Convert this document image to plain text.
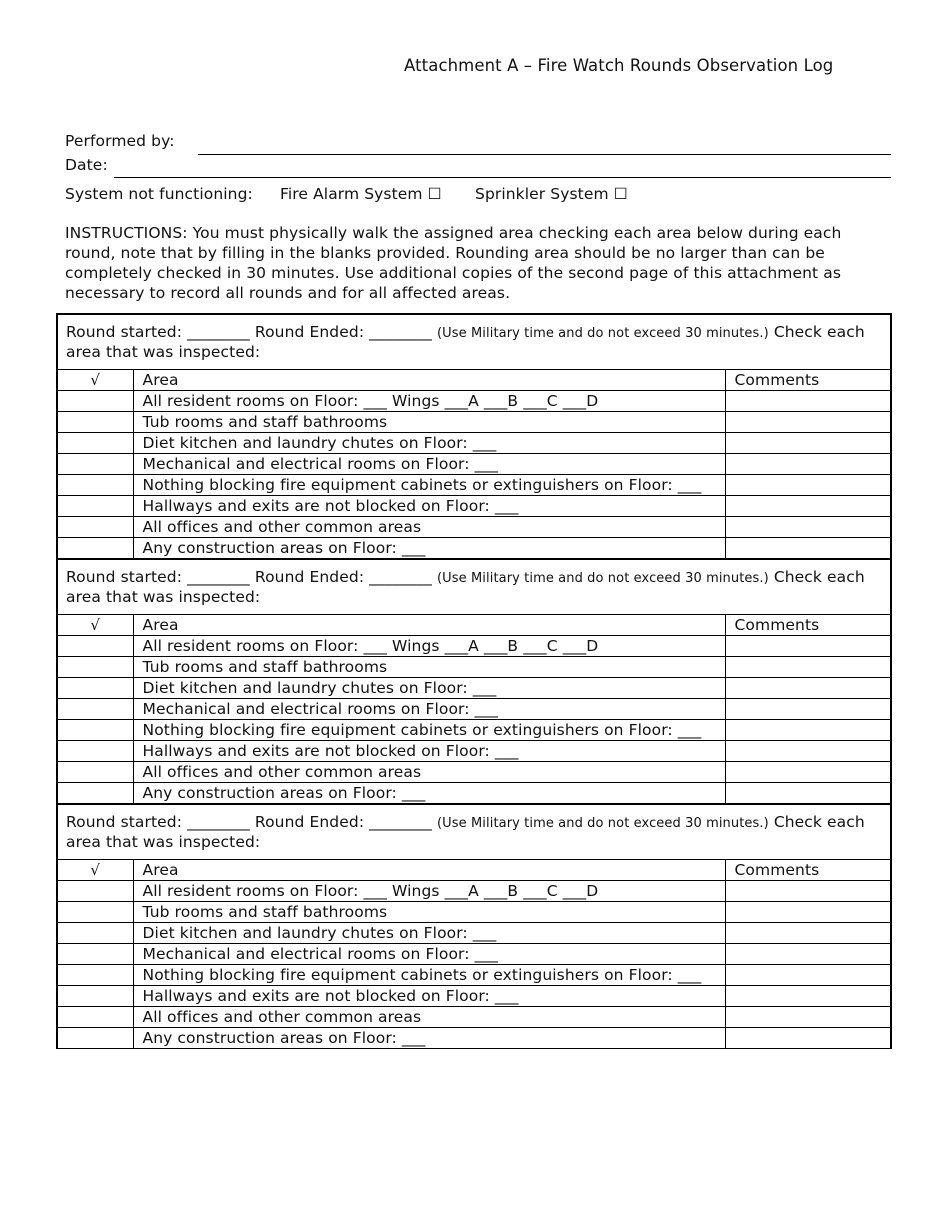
Attachment A – Fire Watch Rounds Observation Log
Performed by:
Date:
System not functioning: Fire Alarm System ☐ Sprinkler System ☐
INSTRUCTIONS: You must physically walk the assigned area checking each area below during each round, note that by filling in the blanks provided. Rounding area should be no larger than can be completely checked in 30 minutes. Use additional copies of the second page of this attachment as necessary to record all rounds and for all affected areas.
Round started: ________ Round Ended: ________ (Use Military time and do not exceed 30 minutes.) Check each area that was inspected:
√	Area	Comments
	All resident rooms on Floor: ___ Wings ___A ___B ___C ___D	
	Tub rooms and staff bathrooms	
	Diet kitchen and laundry chutes on Floor: ___	
	Mechanical and electrical rooms on Floor: ___	
	Nothing blocking fire equipment cabinets or extinguishers on Floor: ___	
	Hallways and exits are not blocked on Floor: ___	
	All offices and other common areas	
	Any construction areas on Floor: ___	
Round started: ________ Round Ended: ________ (Use Military time and do not exceed 30 minutes.) Check each area that was inspected:
√	Area	Comments
	All resident rooms on Floor: ___ Wings ___A ___B ___C ___D	
	Tub rooms and staff bathrooms	
	Diet kitchen and laundry chutes on Floor: ___	
	Mechanical and electrical rooms on Floor: ___	
	Nothing blocking fire equipment cabinets or extinguishers on Floor: ___	
	Hallways and exits are not blocked on Floor: ___	
	All offices and other common areas	
	Any construction areas on Floor: ___	
Round started: ________ Round Ended: ________ (Use Military time and do not exceed 30 minutes.) Check each area that was inspected:
√	Area	Comments
	All resident rooms on Floor: ___ Wings ___A ___B ___C ___D	
	Tub rooms and staff bathrooms	
	Diet kitchen and laundry chutes on Floor: ___	
	Mechanical and electrical rooms on Floor: ___	
	Nothing blocking fire equipment cabinets or extinguishers on Floor: ___	
	Hallways and exits are not blocked on Floor: ___	
	All offices and other common areas	
	Any construction areas on Floor: ___	
